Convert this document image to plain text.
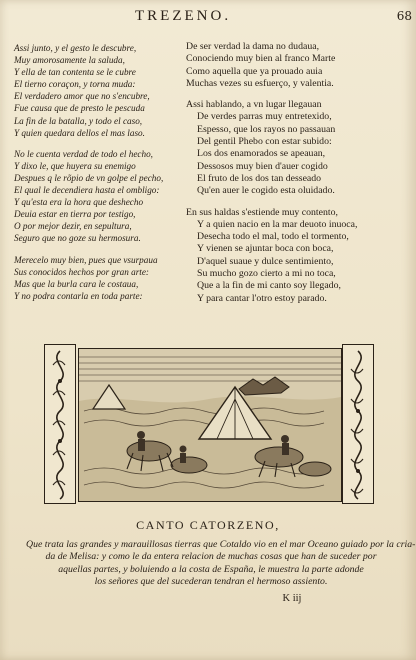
TREZENO.	68
Assi junto, y el gesto le descubre,
Muy amorosamente la saluda,
Y ella de tan contenta se le cubre
El tierno coraçon, y torna muda:
El verdadero amor que no s'encubre,
Fue causa que de presto le pescuda
La fin de la batalla, y todo el caso,
Y quien quedara dellos el mas laso.
No le cuenta verdad de todo el hecho,
Y dixo le, que huyera su enemigo
Despues q le rõpio de vn golpe el pecho,
El qual le decendiera hasta el ombligo:
Y qu'esta era la hora que deshecho
Deuia estar en tierra por testigo,
O por mejor dezir, en sepultura,
Seguro que no goze su hermosura.
Merecelo muy bien, pues que vsurpaua
Sus conocidos hechos por gran arte:
Mas que la burla cara le costaua,
Y no podra contarla en toda parte:
De ser verdad la dama no dudaua,
Conociendo muy bien al franco Marte
Como aquella que ya prouado auia
Muchas vezes su esfuerço, y valentia.
Assi hablando, a vn lugar llegauan
De verdes parras muy entretexido,
Espesso, que los rayos no passauan
Del gentil Phebo con estar subido:
Los dos enamorados se apeauan,
Dessosos muy bien d'auer cogido
El fruto de los dos tan desseado
Qu'en auer le cogido esta oluidado.
En sus haldas s'estiende muy contento,
Y a quien nacio en la mar deuoto inuoca,
Desecha todo el mal, todo el tormento,
Y vienen se ajuntar boca con boca,
D'aquel suaue y dulce sentimiento,
Su mucho gozo cierto a mi no toca,
Que a la fin de mi canto soy llegado,
Y para cantar l'otro estoy parado.
CANTO CATORZENO,
Que trata las grandes y marauillosas tierras que Cotaldo vio en el mar Oceano guiado por la cria-
da de Melisa: y como le da entera relacion de muchas cosas que han de suceder por
aquellas partes, y boluiendo a la costa de España, le muestra la parte adonde
los señores que del sucederan tendran el hermoso assiento.
K iij
